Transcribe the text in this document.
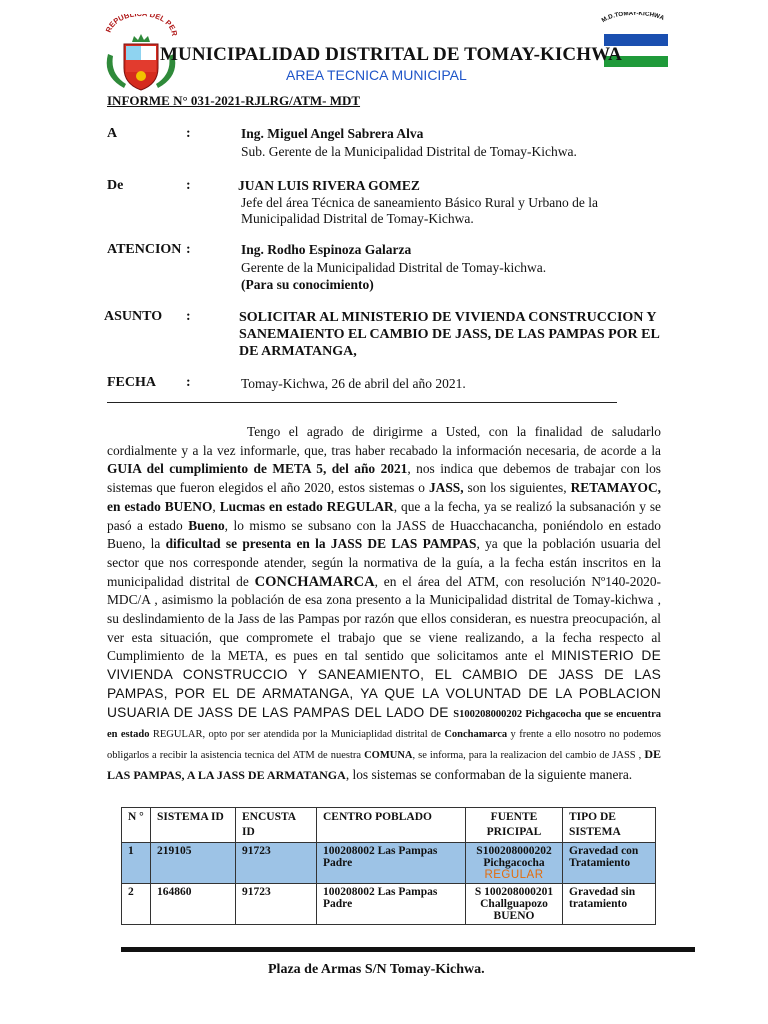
REPUBL DEL PE
M.D.TOMAY-KICHWA
MUNICIPALIDAD DISTRITAL DE TOMAY-KICHWA
AREA TECNICA MUNICIPAL
INFORME N° 031-2021-RJLRG/ATM- MDT
A	:	Ing. Miguel Angel Sabrera Alva
Sub. Gerente de la Municipalidad Distrital de Tomay-Kichwa.
De	:	JUAN LUIS RIVERA GOMEZ
Jefe del área Técnica de saneamiento Básico Rural y Urbano de la
Municipalidad Distrital de Tomay-Kichwa.
ATENCION :	Ing. Rodho Espinoza Galarza
Gerente de la Municipalidad Distrital de Tomay-kichwa.
(Para su conocimiento)
ASUNTO :	SOLICITAR AL MINISTERIO DE VIVIENDA CONSTRUCCION Y
SANEMAIENTO EL CAMBIO DE JASS, DE LAS PAMPAS POR EL
DE ARMATANGA,
FECHA :	Tomay-Kichwa, 26 de abril del año 2021.

Tengo el agrado de dirigirme a Usted, con la finalidad de saludarlo cordialmente y a la vez informarle, que, tras haber recabado la información necesaria, de acorde a la GUIA del cumplimiento de META 5, del año 2021, nos indica que debemos de trabajar con los sistemas que fueron elegidos el año 2020, estos sistemas o JASS, son los siguientes, RETAMAYOC, en estado BUENO, Lucmas en estado REGULAR, que a la fecha, ya se realizó la subsanación y se pasó a estado Bueno, lo mismo se subsano con la JASS de Huacchacancha, poniéndolo en estado Bueno, la dificultad se presenta en la JASS DE LAS PAMPAS, ya que la población usuaria del sector que nos corresponde atender, según la normativa de la guía, a la fecha están inscritos en la municipalidad distrital de CONCHAMARCA, en el área del ATM, con resolución Nº140-2020-MDC/A , asimismo la población de esa zona presento a la Municipalidad distrital de Tomay-kichwa , su deslindamiento de la Jass de las Pampas por razón que ellos consideran, es nuestra preocupación, al ver esta situación, que compromete el trabajo que se viene realizando, a la fecha respecto al Cumplimiento de la META, es pues en tal sentido que solicitamos ante el MINISTERIO DE VIVIENDA CONSTRUCCIO Y SANEAMIENTO, EL CAMBIO DE JASS DE LAS PAMPAS, POR EL DE ARMATANGA, YA QUE LA VOLUNTAD DE LA POBLACION USUARIA DE JASS DE LAS PAMPAS DEL LADO DE S100208000202 Pichgacocha que se encuentra en estado REGULAR, opto por ser atendida por la Municiaplidad distrital de Conchamarca y frente a ello nosotro no podemos obligarlos a recibir la asistencia tecnica del ATM de nuestra COMUNA, se informa, para la realizacion del cambio de JASS , DE LAS PAMPAS, A LA JASS DE ARMATANGA, los sistemas se conformaban de la siguiente manera.

N °	SISTEMA ID	ENCUSTA ID	CENTRO POBLADO	FUENTE PRICIPAL	TIPO DE SISTEMA
1	219105	91723	100208002 Las Pampas Padre	S100208000202
Pichgacocha
REGULAR	Gravedad con Tratamiento
2	164860	91723	100208002 Las Pampas Padre	S 100208000201
Challguapozo
BUENO	Gravedad sin tratamiento
Plaza de Armas S/N Tomay-Kichwa.
